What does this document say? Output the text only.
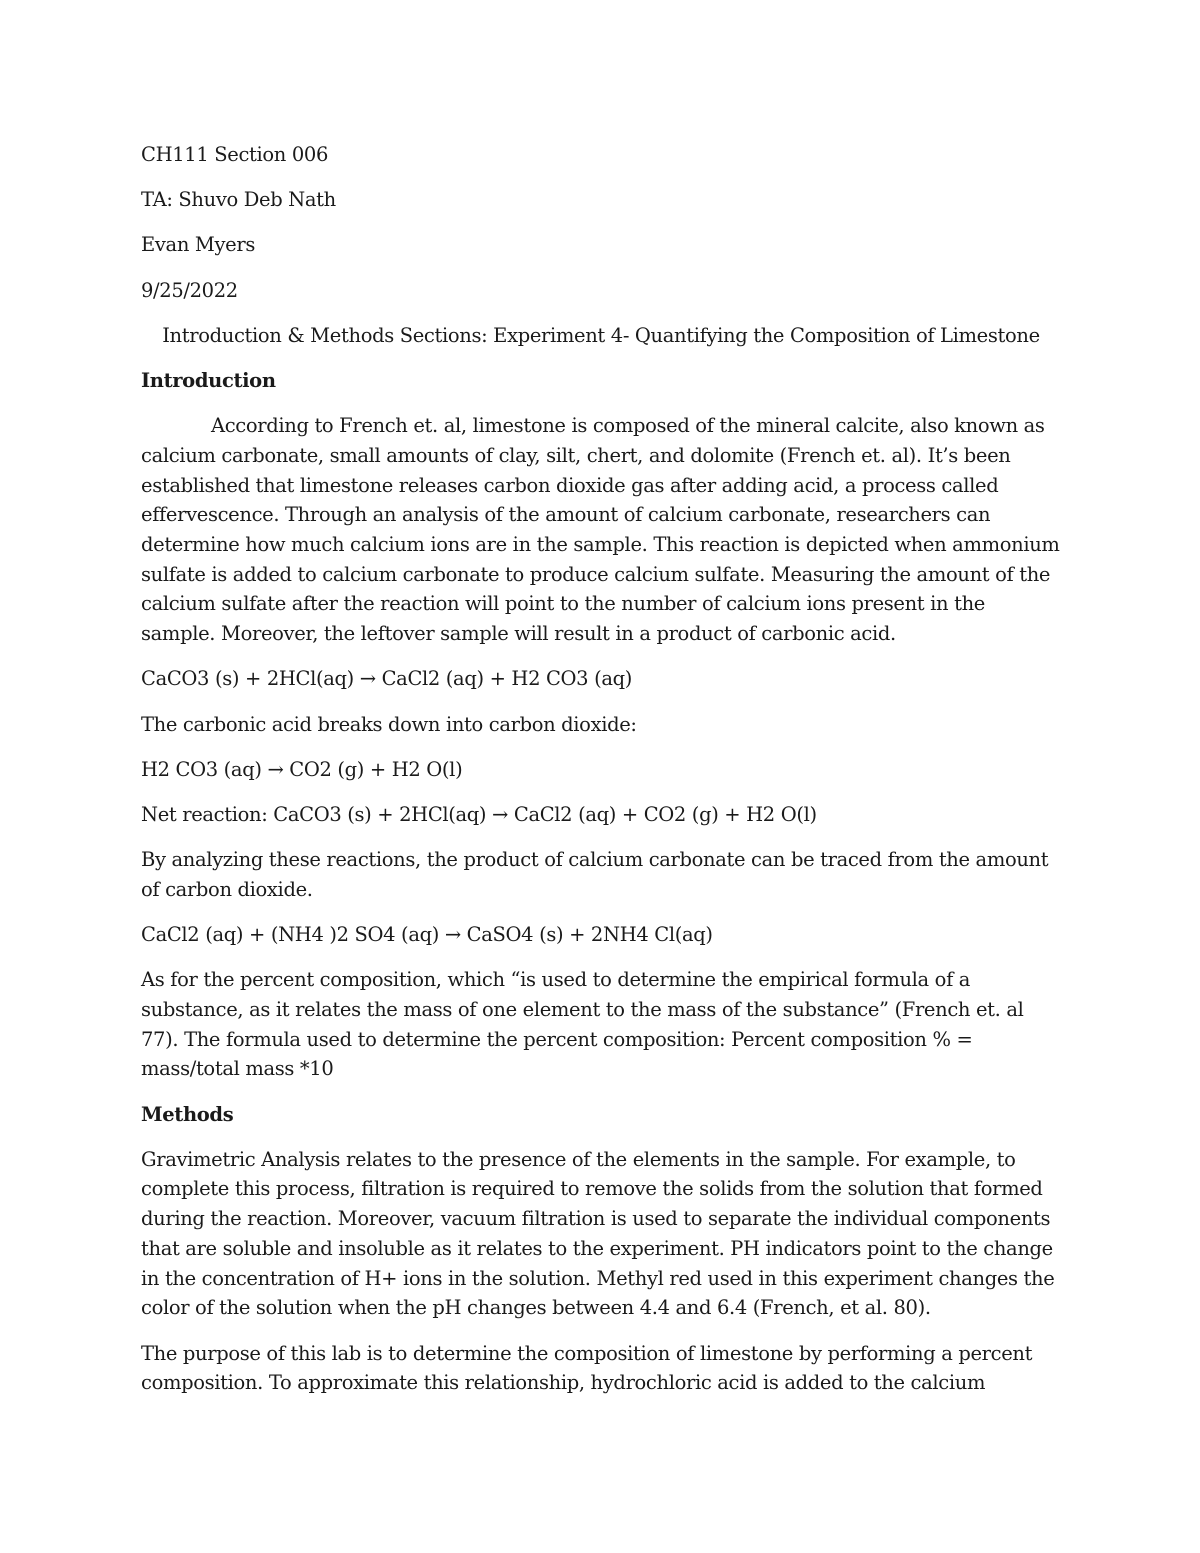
CH111 Section 006
TA: Shuvo Deb Nath
Evan Myers
9/25/2022
Introduction & Methods Sections: Experiment 4- Quantifying the Composition of Limestone
Introduction

According to French et. al, limestone is composed of the mineral calcite, also known as calcium carbonate, small amounts of clay, silt, chert, and dolomite (French et. al). It’s been established that limestone releases carbon dioxide gas after adding acid, a process called effervescence. Through an analysis of the amount of calcium carbonate, researchers can determine how much calcium ions are in the sample. This reaction is depicted when ammonium sulfate is added to calcium carbonate to produce calcium sulfate. Measuring the amount of the calcium sulfate after the reaction will point to the number of calcium ions present in the sample. Moreover, the leftover sample will result in a product of carbonic acid.

CaCO3 (s) + 2HCl(aq) → CaCl2 (aq) + H2 CO3 (aq)

The carbonic acid breaks down into carbon dioxide:

H2 CO3 (aq) → CO2 (g) + H2 O(l)

Net reaction: CaCO3 (s) + 2HCl(aq) → CaCl2 (aq) + CO2 (g) + H2 O(l)

By analyzing these reactions, the product of calcium carbonate can be traced from the amount of carbon dioxide.

CaCl2 (aq) + (NH4 )2 SO4 (aq) → CaSO4 (s) + 2NH4 Cl(aq)

As for the percent composition, which “is used to determine the empirical formula of a substance, as it relates the mass of one element to the mass of the substance” (French et. al 77). The formula used to determine the percent composition: Percent composition % = mass/total mass *10

Methods

Gravimetric Analysis relates to the presence of the elements in the sample. For example, to complete this process, filtration is required to remove the solids from the solution that formed during the reaction. Moreover, vacuum filtration is used to separate the individual components that are soluble and insoluble as it relates to the experiment. PH indicators point to the change in the concentration of H+ ions in the solution. Methyl red used in this experiment changes the color of the solution when the pH changes between 4.4 and 6.4 (French, et al. 80).

The purpose of this lab is to determine the composition of limestone by performing a percent composition. To approximate this relationship, hydrochloric acid is added to the calcium
